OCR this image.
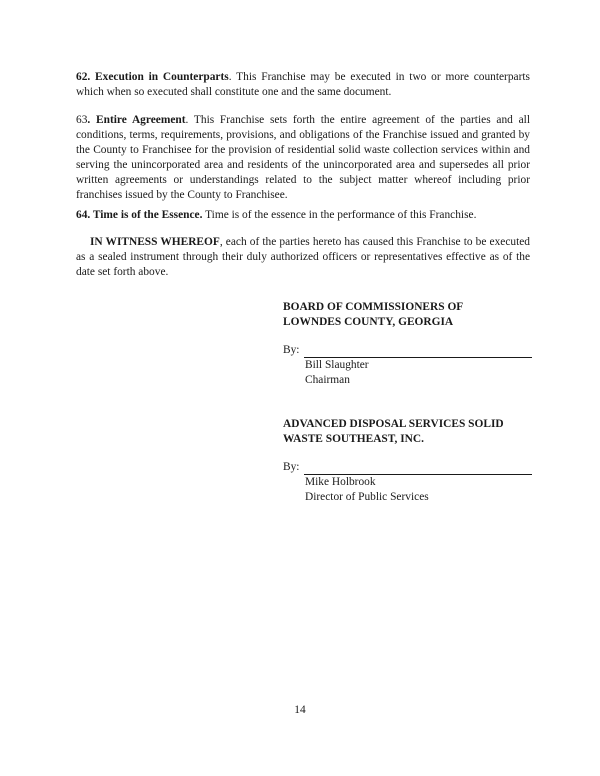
62. Execution in Counterparts. This Franchise may be executed in two or more counterparts which when so executed shall constitute one and the same document.

63. Entire Agreement. This Franchise sets forth the entire agreement of the parties and all conditions, terms, requirements, provisions, and obligations of the Franchise issued and granted by the County to Franchisee for the provision of residential solid waste collection services within and serving the unincorporated area and residents of the unincorporated area and supersedes all prior written agreements or understandings related to the subject matter whereof including prior franchises issued by the County to Franchisee.

64. Time is of the Essence. Time is of the essence in the performance of this Franchise.

IN WITNESS WHEREOF, each of the parties hereto has caused this Franchise to be executed as a sealed instrument through their duly authorized officers or representatives effective as of the date set forth above.

BOARD OF COMMISSIONERS OF

LOWNDES COUNTY, GEORGIA

By:
Bill Slaughter
Chairman

ADVANCED DISPOSAL SERVICES SOLID

WASTE SOUTHEAST, INC.

By:
Mike Holbrook
Director of Public Services
14
